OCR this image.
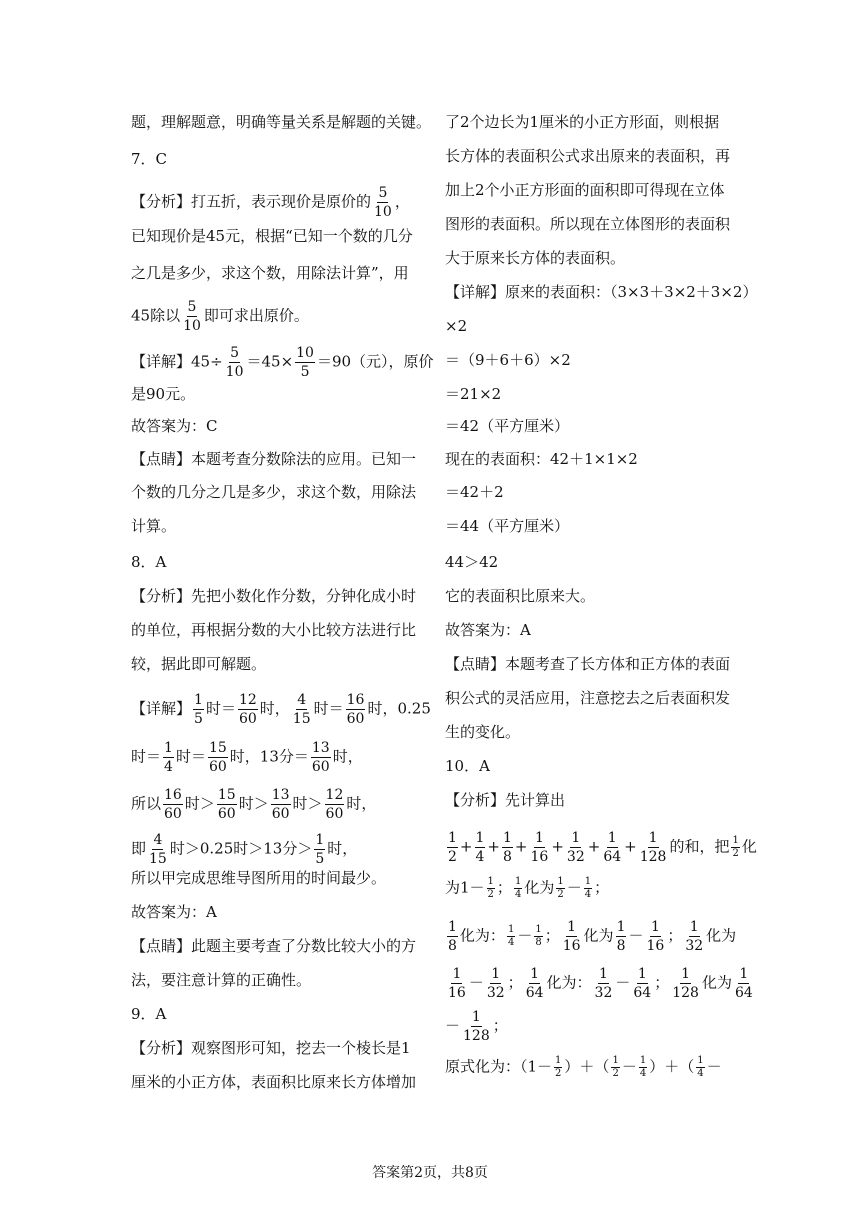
题，理解题意，明确等量关系是解题的关键。
7．C
【分析】打五折，表示现价是原价的 $\frac{5}{10}$ ，
已知现价是45元，根据“已知一个数的几分
之几是多少，求这个数，用除法计算”，用
45除以 $\frac{5}{10}$ 即可求出原价。
【详解】$45\div \frac{5}{10} =45\times \frac{10}{5} =90$（元），原价
是90元。
故答案为：C
【点睛】本题考查分数除法的应用。已知一
个数的几分之几是多少，求这个数，用除法
计算。
8．A
【分析】先把小数化作分数，分钟化成小时
的单位，再根据分数的大小比较方法进行比
较，据此即可解题。
【详解】 $\frac{1}{5}$ 时＝ $\frac{12}{60}$ 时， $\frac{4}{15}$ 时＝ $\frac{16}{60}$ 时，0.25
时＝ $\frac{1}{4}$ 时＝ $\frac{15}{60}$ 时，13分＝ $\frac{13}{60}$ 时，
所以 $\frac{16}{60}$ 时＞ $\frac{15}{60}$ 时＞ $\frac{13}{60}$ 时＞ $\frac{12}{60}$ 时，
即 $\frac{4}{15}$ 时＞0.25时＞13分＞ $\frac{1}{5}$ 时，
所以甲完成思维导图所用的时间最少。
故答案为：A
【点睛】此题主要考查了分数比较大小的方
法，要注意计算的正确性。
9．A
【分析】观察图形可知，挖去一个棱长是1
厘米的小正方体，表面积比原来长方体增加
了2个边长为1厘米的小正方形面，则根据
长方体的表面积公式求出原来的表面积，再
加上2个小正方形面的面积即可得现在立体
图形的表面积。所以现在立体图形的表面积
大于原来长方体的表面积。
【详解】原来的表面积：（3×3＋3×2＋3×2）
×2
＝（9＋6＋6）×2
＝21×2
＝42（平方厘米）
现在的表面积：42＋1×1×2
＝42＋2
＝44（平方厘米）
44＞42
它的表面积比原来大。
故答案为：A
【点睛】本题考查了长方体和正方体的表面
积公式的灵活应用，注意挖去之后表面积发
生的变化。
10．A
【分析】先计算出
$\frac{1}{2} + \frac{1}{4} + \frac{1}{8} + \frac{1}{16} + \frac{1}{32} + \frac{1}{64} + \frac{1}{128}$ 的和，把 $\frac{1}{2}$ 化
为$1- \frac{1}{2}$ ； $\frac{1}{4}$ 化为 $\frac{1}{2} - \frac{1}{4}$ ；
$\frac{1}{8}$ 化为： $\frac{1}{4} - \frac{1}{8}$ ； $\frac{1}{16}$ 化为 $\frac{1}{8} - \frac{1}{16}$ ； $\frac{1}{32}$ 化为
$\frac{1}{16} - \frac{1}{32}$ ； $\frac{1}{64}$ 化为： $\frac{1}{32} - \frac{1}{64}$ ； $\frac{1}{128}$ 化为 $\frac{1}{64}$
－ $\frac{1}{128}$ ；
原式化为：（$1- \frac{1}{2}$ ）＋（ $\frac{1}{2} - \frac{1}{4}$ ）＋（ $\frac{1}{4}$ －
答案第2页，共8页
